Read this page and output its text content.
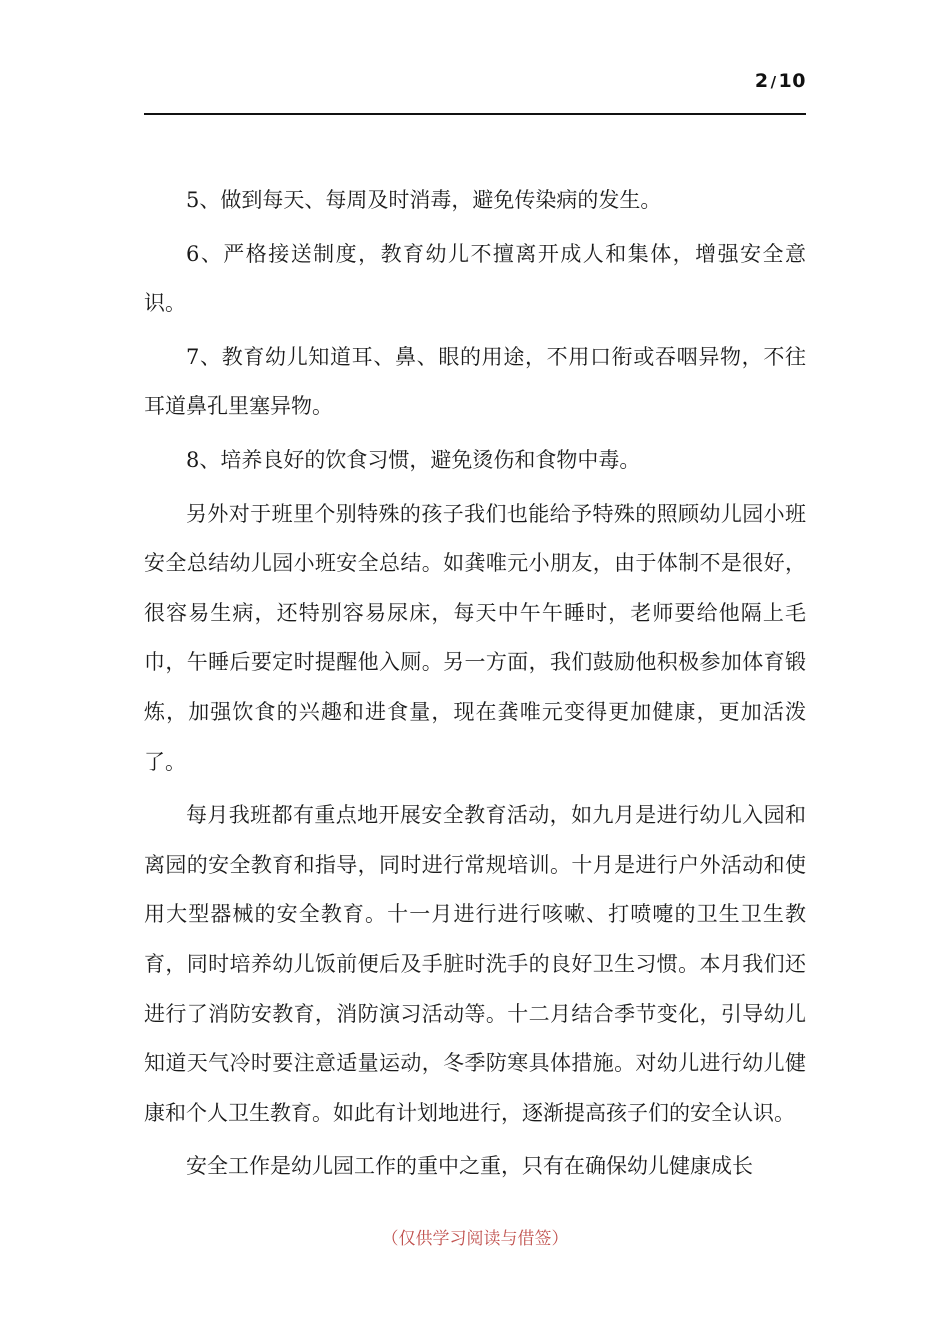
2 / 10

5、做到每天、每周及时消毒，避免传染病的发生。

6、严格接送制度，教育幼儿不擅离开成人和集体，增强安全意识。

7、教育幼儿知道耳、鼻、眼的用途，不用口衔或吞咽异物，不往耳道鼻孔里塞异物。

8、培养良好的饮食习惯，避免烫伤和食物中毒。

另外对于班里个别特殊的孩子我们也能给予特殊的照顾幼儿园小班安全总结幼儿园小班安全总结。如龚唯元小朋友，由于体制不是很好，很容易生病，还特别容易尿床，每天中午午睡时，老师要给他隔上毛巾，午睡后要定时提醒他入厕。另一方面，我们鼓励他积极参加体育锻炼，加强饮食的兴趣和进食量，现在龚唯元变得更加健康，更加活泼了。

每月我班都有重点地开展安全教育活动，如九月是进行幼儿入园和离园的安全教育和指导，同时进行常规培训。十月是进行户外活动和使用大型器械的安全教育。十一月进行进行咳嗽、打喷嚏的卫生卫生教育，同时培养幼儿饭前便后及手脏时洗手的良好卫生习惯。本月我们还进行了消防安教育，消防演习活动等。十二月结合季节变化，引导幼儿知道天气冷时要注意适量运动，冬季防寒具体措施。对幼儿进行幼儿健康和个人卫生教育。如此有计划地进行，逐渐提高孩子们的安全认识。

安全工作是幼儿园工作的重中之重，只有在确保幼儿健康成长

（仅供学习阅读与借签）
